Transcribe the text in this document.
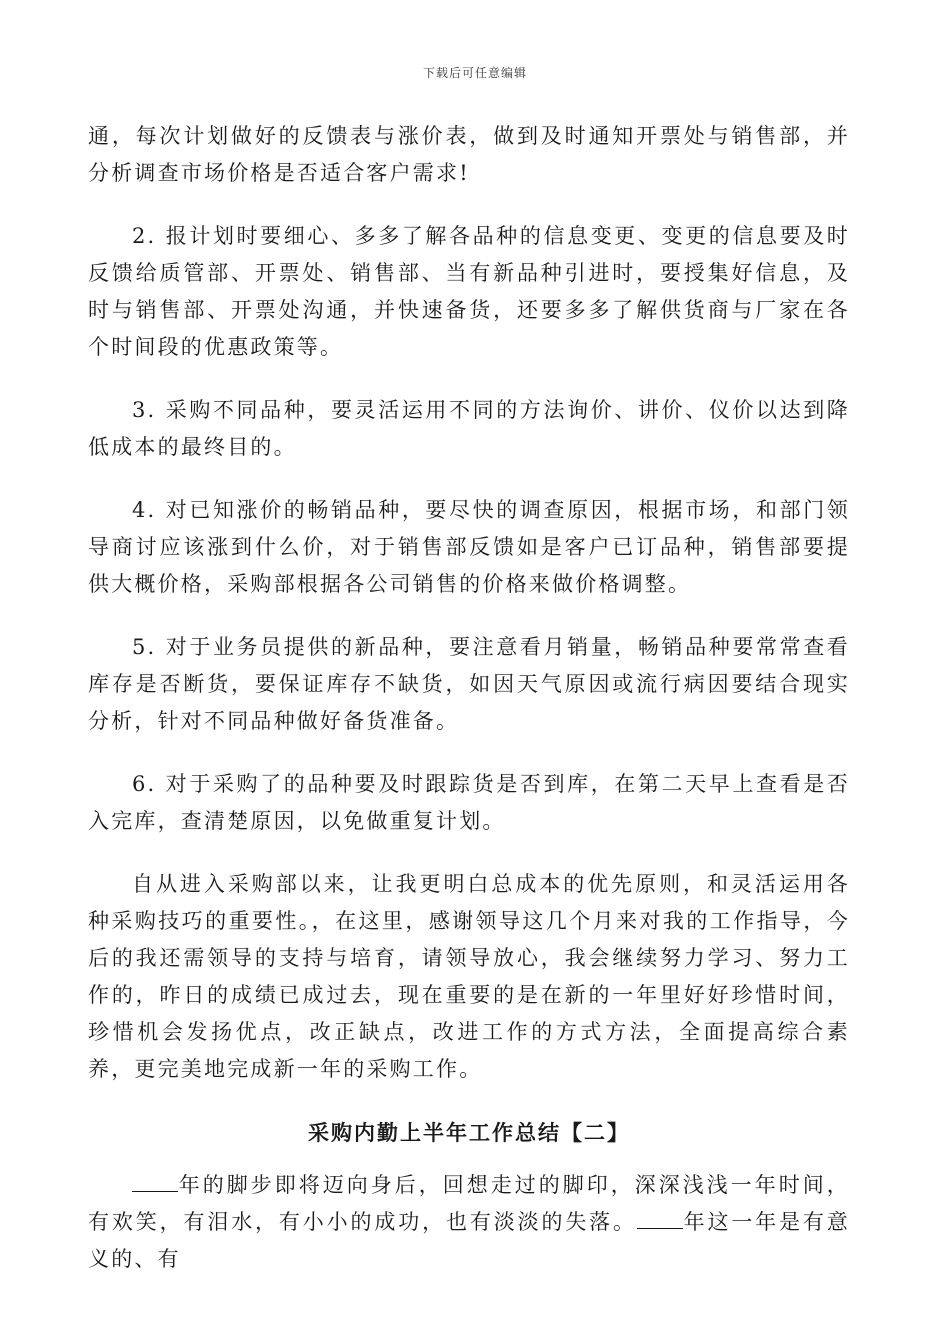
下载后可任意编辑

通，每次计划做好的反馈表与涨价表，做到及时通知开票处与销售部，并分析调查市场价格是否适合客户需求!

2. 报计划时要细心、多多了解各品种的信息变更、变更的信息要及时反馈给质管部、开票处、销售部、当有新品种引进时，要授集好信息，及时与销售部、开票处沟通，并快速备货，还要多多了解供货商与厂家在各个时间段的优惠政策等。

3. 采购不同品种，要灵活运用不同的方法询价、讲价、仪价以达到降低成本的最终目的。

4. 对已知涨价的畅销品种，要尽快的调查原因，根据市场，和部门领导商讨应该涨到什么价，对于销售部反馈如是客户已订品种，销售部要提供大概价格，采购部根据各公司销售的价格来做价格调整。

5. 对于业务员提供的新品种，要注意看月销量，畅销品种要常常查看库存是否断货，要保证库存不缺货，如因天气原因或流行病因要结合现实分析，针对不同品种做好备货准备。

6. 对于采购了的品种要及时跟踪货是否到库，在第二天早上查看是否入完库，查清楚原因，以免做重复计划。

自从进入采购部以来，让我更明白总成本的优先原则，和灵活运用各种采购技巧的重要性。，在这里，感谢领导这几个月来对我的工作指导，今后的我还需领导的支持与培育，请领导放心，我会继续努力学习、努力工作的，昨日的成绩已成过去，现在重要的是在新的一年里好好珍惜时间，珍惜机会发扬优点，改正缺点，改进工作的方式方法，全面提高综合素养，更完美地完成新一年的采购工作。

采购内勤上半年工作总结【二】

年的脚步即将迈向身后，回想走过的脚印，深深浅浅一年时间，有欢笑，有泪水，有小小的成功，也有淡淡的失落。 年这一年是有意义的、有
